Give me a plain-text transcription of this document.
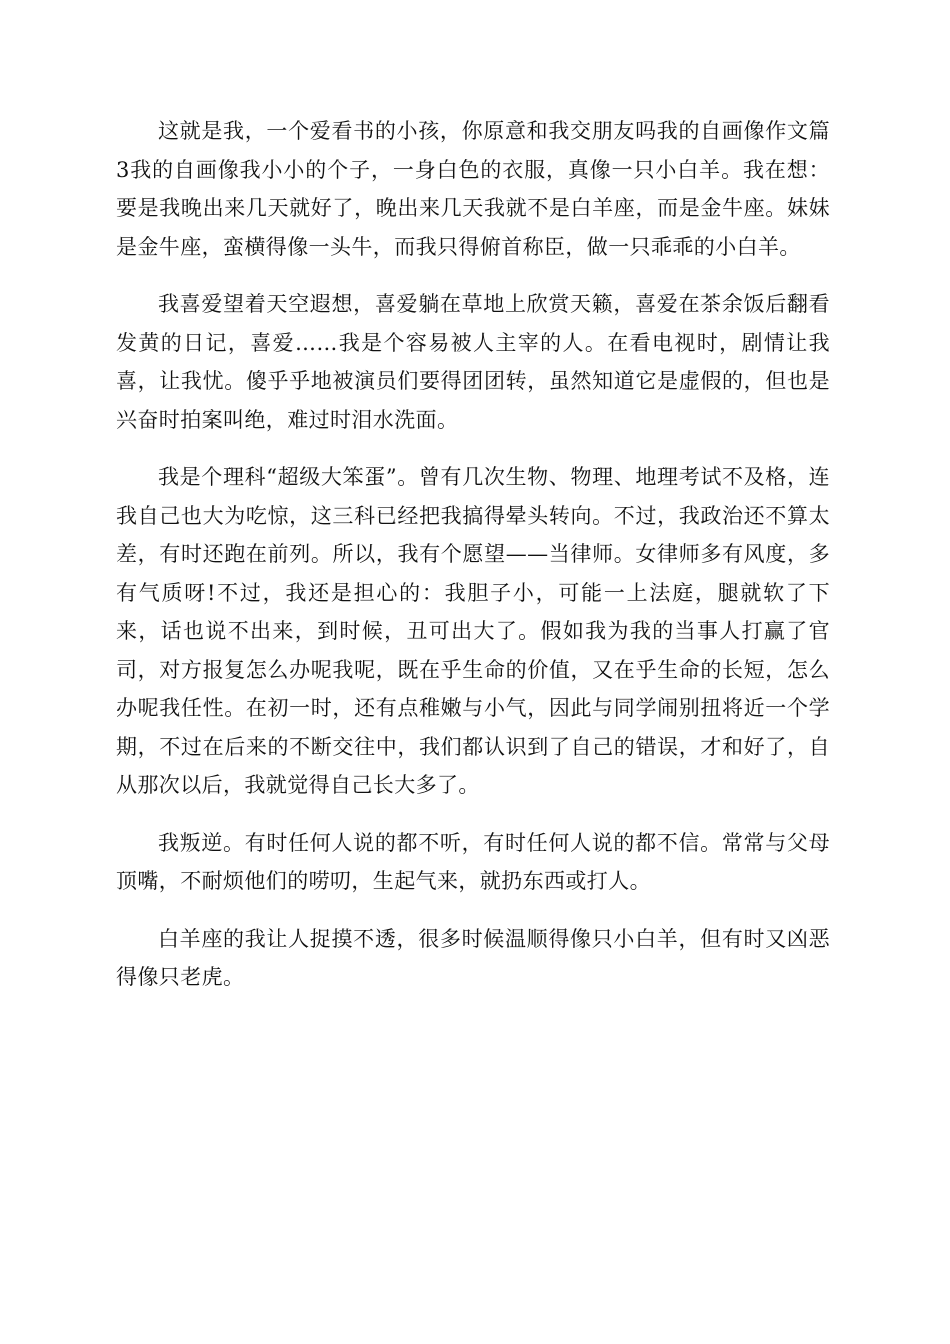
这就是我，一个爱看书的小孩，你原意和我交朋友吗我的自画像作文篇3我的自画像我小小的个子，一身白色的衣服，真像一只小白羊。我在想：要是我晚出来几天就好了，晚出来几天我就不是白羊座，而是金牛座。妹妹是金牛座，蛮横得像一头牛，而我只得俯首称臣，做一只乖乖的小白羊。

我喜爱望着天空遐想，喜爱躺在草地上欣赏天籁，喜爱在茶余饭后翻看发黄的日记，喜爱……我是个容易被人主宰的人。在看电视时，剧情让我喜，让我忧。傻乎乎地被演员们要得团团转，虽然知道它是虚假的，但也是兴奋时拍案叫绝，难过时泪水洗面。

我是个理科“超级大笨蛋”。曾有几次生物、物理、地理考试不及格，连我自己也大为吃惊，这三科已经把我搞得晕头转向。不过，我政治还不算太差，有时还跑在前列。所以，我有个愿望——当律师。女律师多有风度，多有气质呀!不过，我还是担心的：我胆子小，可能一上法庭，腿就软了下来，话也说不出来，到时候，丑可出大了。假如我为我的当事人打赢了官司，对方报复怎么办呢我呢，既在乎生命的价值，又在乎生命的长短，怎么办呢我任性。在初一时，还有点稚嫩与小气，因此与同学闹别扭将近一个学期，不过在后来的不断交往中，我们都认识到了自己的错误，才和好了，自从那次以后，我就觉得自己长大多了。

我叛逆。有时任何人说的都不听，有时任何人说的都不信。常常与父母顶嘴，不耐烦他们的唠叨，生起气来，就扔东西或打人。

白羊座的我让人捉摸不透，很多时候温顺得像只小白羊，但有时又凶恶得像只老虎。
